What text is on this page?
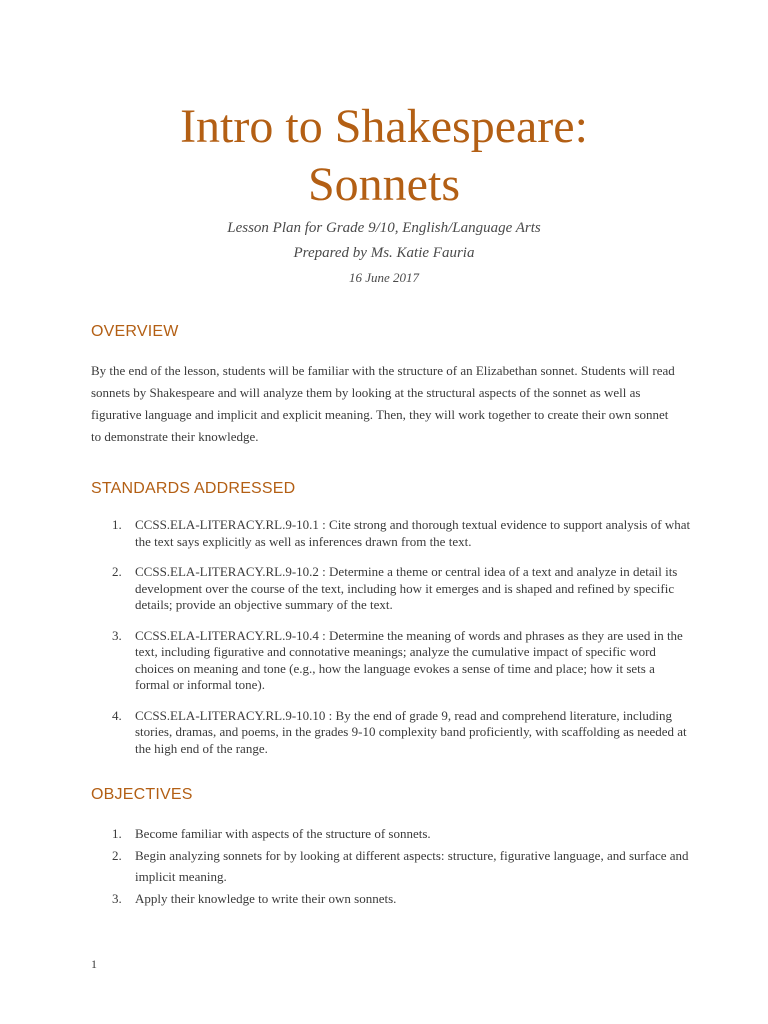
Intro to Shakespeare:
Sonnets

Lesson Plan for Grade 9/10, English/Language Arts

Prepared by Ms. Katie Fauria

16 June 2017

OVERVIEW

By the end of the lesson, students will be familiar with the structure of an Elizabethan sonnet. Students will read sonnets by Shakespeare and will analyze them by looking at the structural aspects of the sonnet as well as figurative language and implicit and explicit meaning. Then, they will work together to create their own sonnet to demonstrate their knowledge.

STANDARDS ADDRESSED
1. CCSS.ELA-LITERACY.RL.9-10.1 : Cite strong and thorough textual evidence to support analysis of what the text says explicitly as well as inferences drawn from the text.
2. CCSS.ELA-LITERACY.RL.9-10.2 : Determine a theme or central idea of a text and analyze in detail its development over the course of the text, including how it emerges and is shaped and refined by specific details; provide an objective summary of the text.
3. CCSS.ELA-LITERACY.RL.9-10.4 : Determine the meaning of words and phrases as they are used in the text, including figurative and connotative meanings; analyze the cumulative impact of specific word choices on meaning and tone (e.g., how the language evokes a sense of time and place; how it sets a formal or informal tone).
4. CCSS.ELA-LITERACY.RL.9-10.10 : By the end of grade 9, read and comprehend literature, including stories, dramas, and poems, in the grades 9-10 complexity band proficiently, with scaffolding as needed at the high end of the range.
OBJECTIVES
1. Become familiar with aspects of the structure of sonnets.
2. Begin analyzing sonnets for by looking at different aspects: structure, figurative language, and surface and implicit meaning.
3. Apply their knowledge to write their own sonnets.
1
